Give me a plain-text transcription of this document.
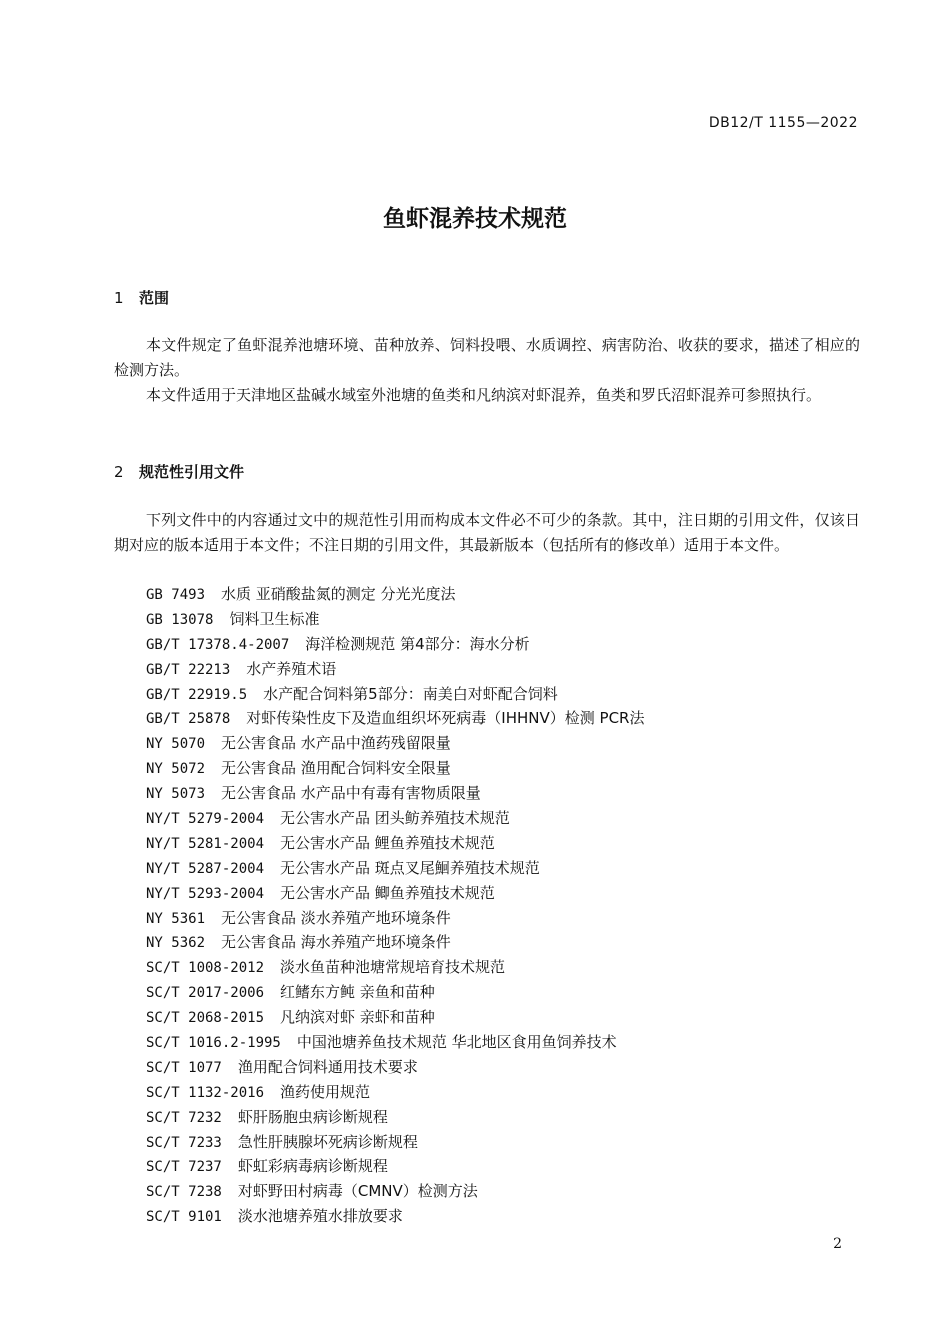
DB12/T 1155—2022
鱼虾混养技术规范
1 范围
本文件规定了鱼虾混养池塘环境、苗种放养、饲料投喂、水质调控、病害防治、收获的要求，描述了相应的检测方法。
本文件适用于天津地区盐碱水域室外池塘的鱼类和凡纳滨对虾混养，鱼类和罗氏沼虾混养可参照执行。
2 规范性引用文件
下列文件中的内容通过文中的规范性引用而构成本文件必不可少的条款。其中，注日期的引用文件，仅该日期对应的版本适用于本文件；不注日期的引用文件，其最新版本（包括所有的修改单）适用于本文件。
GB 7493 水质 亚硝酸盐氮的测定 分光光度法
GB 13078 饲料卫生标准
GB/T 17378.4-2007 海洋检测规范 第4部分：海水分析
GB/T 22213 水产养殖术语
GB/T 22919.5 水产配合饲料第5部分：南美白对虾配合饲料
GB/T 25878 对虾传染性皮下及造血组织坏死病毒（IHHNV）检测 PCR法
NY 5070 无公害食品 水产品中渔药残留限量
NY 5072 无公害食品 渔用配合饲料安全限量
NY 5073 无公害食品 水产品中有毒有害物质限量
NY/T 5279-2004 无公害水产品 团头鲂养殖技术规范
NY/T 5281-2004 无公害水产品 鲤鱼养殖技术规范
NY/T 5287-2004 无公害水产品 斑点叉尾鮰养殖技术规范
NY/T 5293-2004 无公害水产品 鲫鱼养殖技术规范
NY 5361 无公害食品 淡水养殖产地环境条件
NY 5362 无公害食品 海水养殖产地环境条件
SC/T 1008-2012 淡水鱼苗种池塘常规培育技术规范
SC/T 2017-2006 红鳍东方鲀 亲鱼和苗种
SC/T 2068-2015 凡纳滨对虾 亲虾和苗种
SC/T 1016.2-1995 中国池塘养鱼技术规范 华北地区食用鱼饲养技术
SC/T 1077 渔用配合饲料通用技术要求
SC/T 1132-2016 渔药使用规范
SC/T 7232 虾肝肠胞虫病诊断规程
SC/T 7233 急性肝胰腺坏死病诊断规程
SC/T 7237 虾虹彩病毒病诊断规程
SC/T 7238 对虾野田村病毒（CMNV）检测方法
SC/T 9101 淡水池塘养殖水排放要求
2
